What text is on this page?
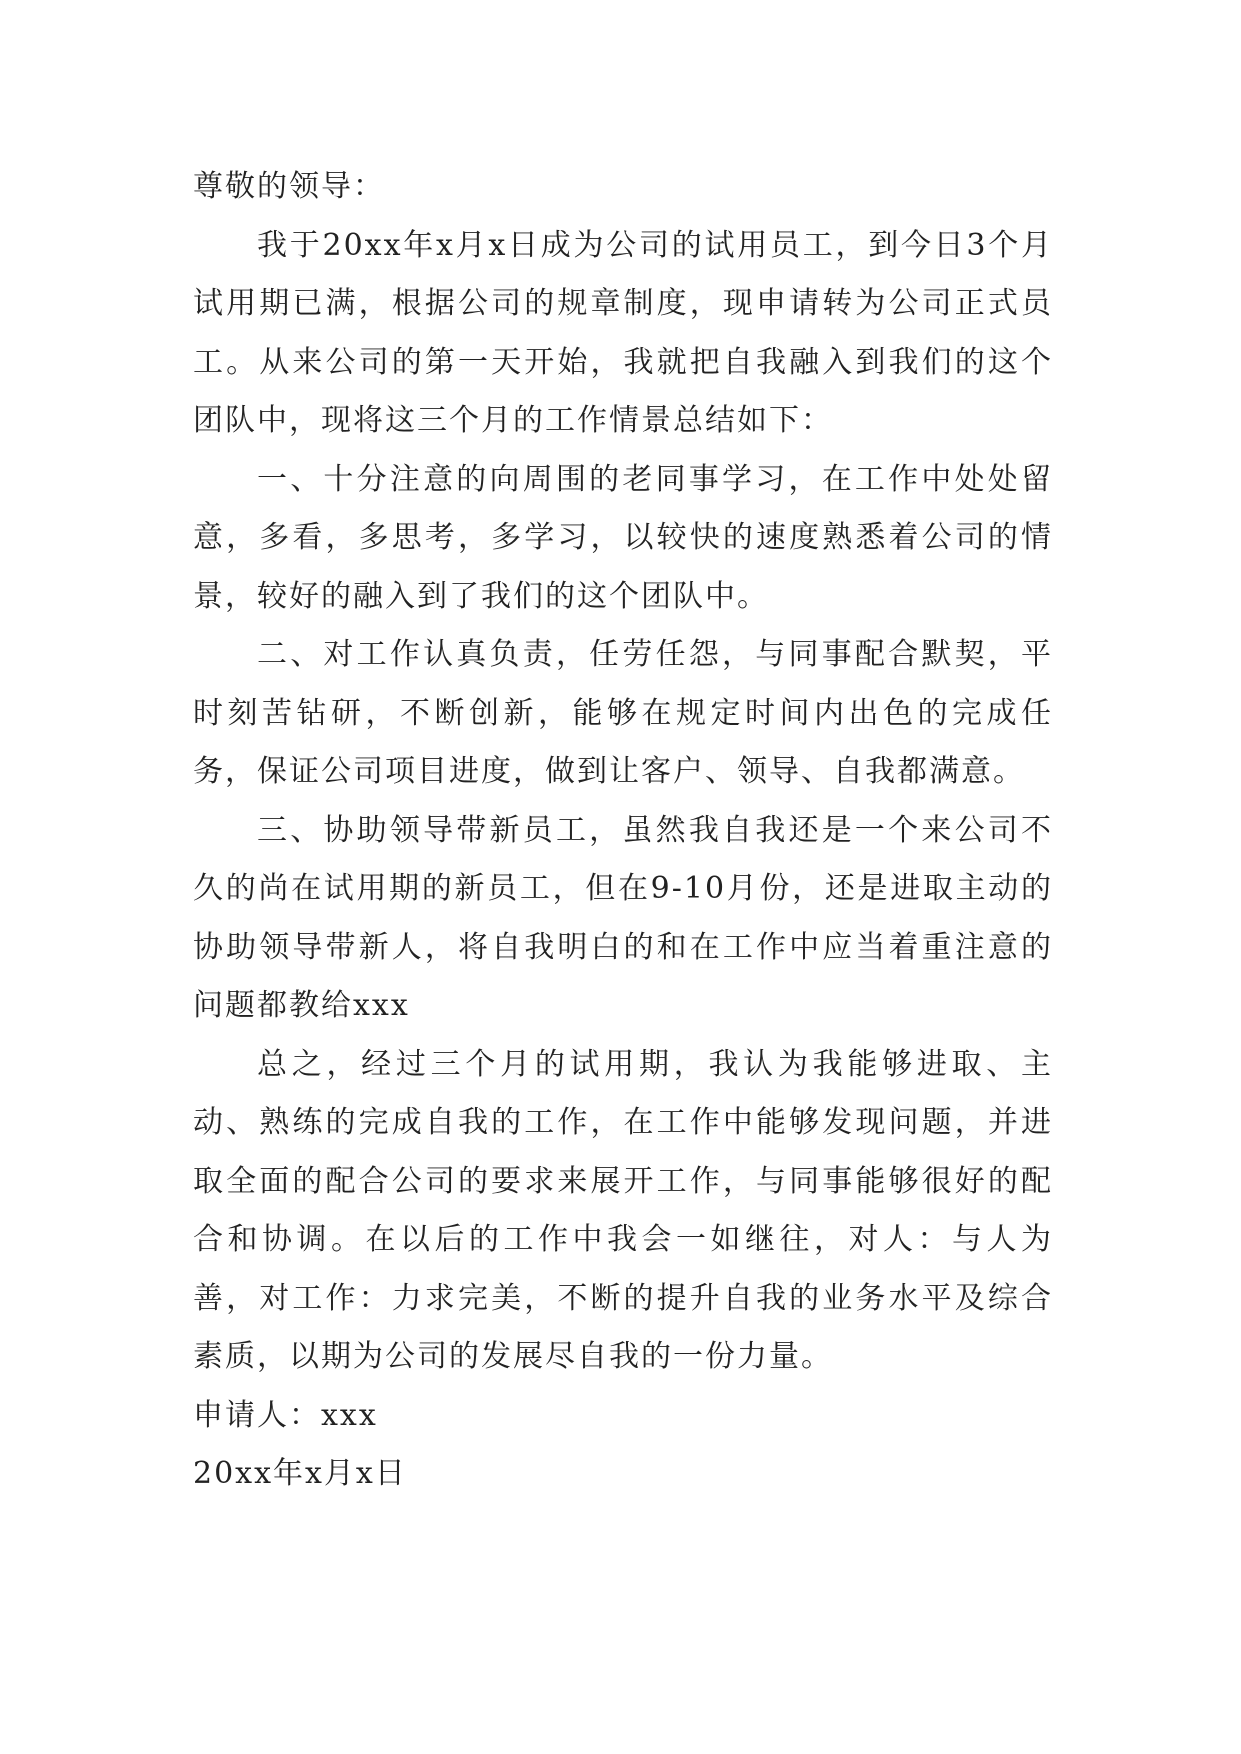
尊敬的领导：

我于20xx年x月x日成为公司的试用员工，到今日3个月试用期已满，根据公司的规章制度，现申请转为公司正式员工。从来公司的第一天开始，我就把自我融入到我们的这个团队中，现将这三个月的工作情景总结如下：

一、十分注意的向周围的老同事学习，在工作中处处留意，多看，多思考，多学习，以较快的速度熟悉着公司的情景，较好的融入到了我们的这个团队中。

二、对工作认真负责，任劳任怨，与同事配合默契，平时刻苦钻研，不断创新，能够在规定时间内出色的完成任务，保证公司项目进度，做到让客户、领导、自我都满意。

三、协助领导带新员工，虽然我自我还是一个来公司不久的尚在试用期的新员工，但在9-10月份，还是进取主动的协助领导带新人，将自我明白的和在工作中应当着重注意的问题都教给xxx

总之，经过三个月的试用期，我认为我能够进取、主动、熟练的完成自我的工作，在工作中能够发现问题，并进取全面的配合公司的要求来展开工作，与同事能够很好的配合和协调。在以后的工作中我会一如继往，对人：与人为善，对工作：力求完美，不断的提升自我的业务水平及综合素质，以期为公司的发展尽自我的一份力量。

申请人：xxx

20xx年x月x日
